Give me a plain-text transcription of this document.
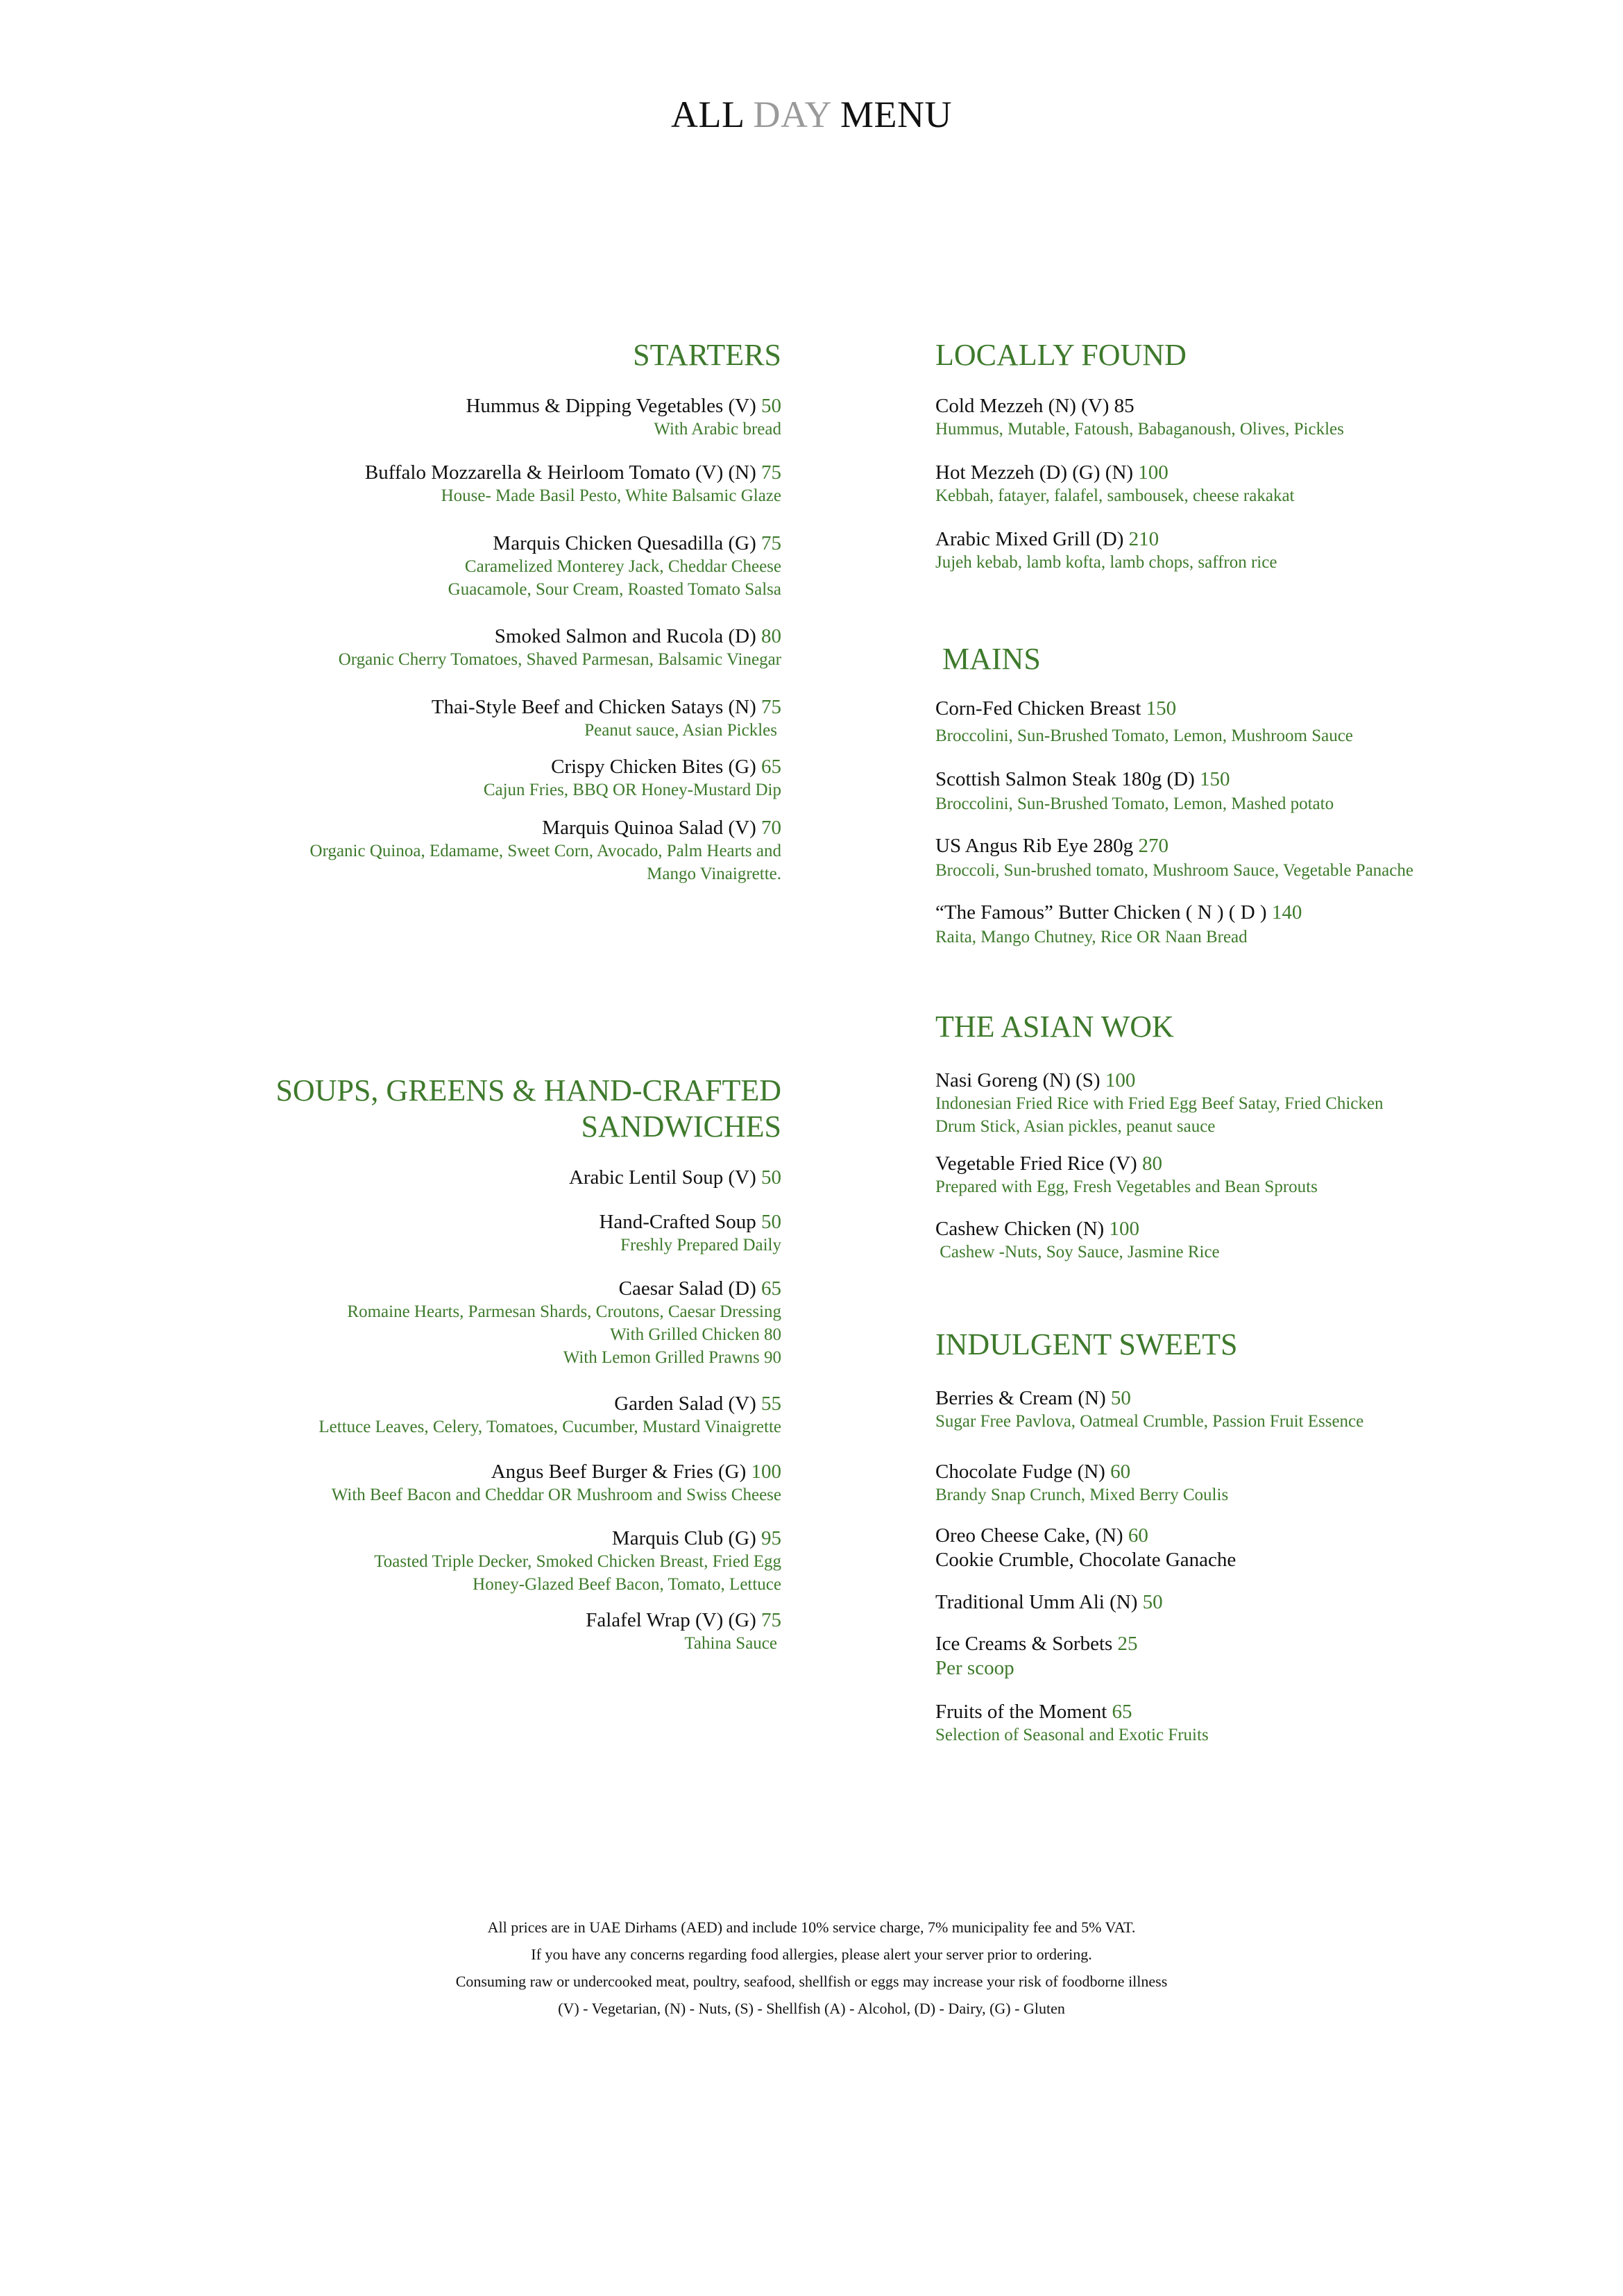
ALL DAY MENU
STARTERS
Hummus & Dipping Vegetables (V) 50
With Arabic bread
Buffalo Mozzarella & Heirloom Tomato (V) (N) 75
House- Made Basil Pesto, White Balsamic Glaze
Marquis Chicken Quesadilla (G) 75
Caramelized Monterey Jack, Cheddar Cheese
Guacamole, Sour Cream, Roasted Tomato Salsa
Smoked Salmon and Rucola (D) 80
Organic Cherry Tomatoes, Shaved Parmesan, Balsamic Vinegar
Thai-Style Beef and Chicken Satays (N) 75
Peanut sauce, Asian Pickles
Crispy Chicken Bites (G) 65
Cajun Fries, BBQ OR Honey-Mustard Dip
Marquis Quinoa Salad (V) 70
Organic Quinoa, Edamame, Sweet Corn, Avocado, Palm Hearts and
Mango Vinaigrette.
SOUPS, GREENS & HAND-CRAFTED
SANDWICHES
Arabic Lentil Soup (V) 50
Hand-Crafted Soup 50
Freshly Prepared Daily
Caesar Salad (D) 65
Romaine Hearts, Parmesan Shards, Croutons, Caesar Dressing
With Grilled Chicken 80
With Lemon Grilled Prawns 90
Garden Salad (V) 55
Lettuce Leaves, Celery, Tomatoes, Cucumber, Mustard Vinaigrette
Angus Beef Burger & Fries (G) 100
With Beef Bacon and Cheddar OR Mushroom and Swiss Cheese
Marquis Club (G) 95
Toasted Triple Decker, Smoked Chicken Breast, Fried Egg
Honey-Glazed Beef Bacon, Tomato, Lettuce
Falafel Wrap (V) (G) 75
Tahina Sauce
LOCALLY FOUND
Cold Mezzeh (N) (V) 85
Hummus, Mutable, Fatoush, Babaganoush, Olives, Pickles
Hot Mezzeh (D) (G) (N) 100
Kebbah, fatayer, falafel, sambousek, cheese rakakat
Arabic Mixed Grill (D) 210
Jujeh kebab, lamb kofta, lamb chops, saffron rice
MAINS
Corn-Fed Chicken Breast 150
Broccolini, Sun-Brushed Tomato, Lemon, Mushroom Sauce
Scottish Salmon Steak 180g (D) 150
Broccolini, Sun-Brushed Tomato, Lemon, Mashed potato
US Angus Rib Eye 280g 270
Broccoli, Sun-brushed tomato, Mushroom Sauce, Vegetable Panache
“The Famous” Butter Chicken ( N ) ( D ) 140
Raita, Mango Chutney, Rice OR Naan Bread
THE ASIAN WOK
Nasi Goreng (N) (S) 100
Indonesian Fried Rice with Fried Egg Beef Satay, Fried Chicken
Drum Stick, Asian pickles, peanut sauce
Vegetable Fried Rice (V) 80
Prepared with Egg, Fresh Vegetables and Bean Sprouts
Cashew Chicken (N) 100
Cashew -Nuts, Soy Sauce, Jasmine Rice
INDULGENT SWEETS
Berries & Cream (N) 50
Sugar Free Pavlova, Oatmeal Crumble, Passion Fruit Essence
Chocolate Fudge (N) 60
Brandy Snap Crunch, Mixed Berry Coulis
Oreo Cheese Cake, (N) 60
Cookie Crumble, Chocolate Ganache
Traditional Umm Ali (N) 50
Ice Creams & Sorbets 25
Per scoop
Fruits of the Moment 65
Selection of Seasonal and Exotic Fruits
All prices are in UAE Dirhams (AED) and include 10% service charge, 7% municipality fee and 5% VAT.
If you have any concerns regarding food allergies, please alert your server prior to ordering.
Consuming raw or undercooked meat, poultry, seafood, shellfish or eggs may increase your risk of foodborne illness
(V) - Vegetarian, (N) - Nuts, (S) - Shellfish (A) - Alcohol, (D) - Dairy, (G) - Gluten
